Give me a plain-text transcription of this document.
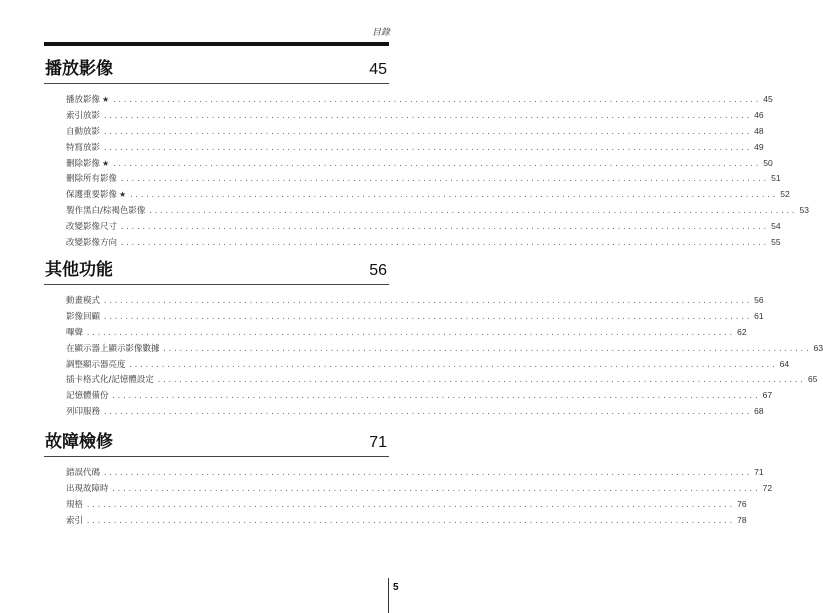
目錄
播放影像	45
播放影像 ★ ........................................................................................................................ 45
索引放影 ........................................................................................................................ 46
自動放影 ........................................................................................................................ 48
特寫放影 ........................................................................................................................ 49
刪除影像 ★ ........................................................................................................................ 50
刪除所有影像 ........................................................................................................................ 51
保護重要影像 ★ ........................................................................................................................ 52
製作黑白/棕褐色影像 ........................................................................................................................ 53
改變影像尺寸 ........................................................................................................................ 54
改變影像方向 ........................................................................................................................ 55
其他功能	56
動畫模式 ........................................................................................................................ 56
影像回顧 ........................................................................................................................ 61
嗶聲 ........................................................................................................................ 62
在顯示器上顯示影像數據 ........................................................................................................................ 63
調整顯示器亮度 ........................................................................................................................ 64
插卡格式化/記憶體設定 ........................................................................................................................ 65
記憶體備份 ........................................................................................................................ 67
列印服務 ........................................................................................................................ 68
故障檢修	71
錯誤代碼 ........................................................................................................................ 71
出現故障時 ........................................................................................................................ 72
規格 ........................................................................................................................ 76
索引 ........................................................................................................................ 78
5
